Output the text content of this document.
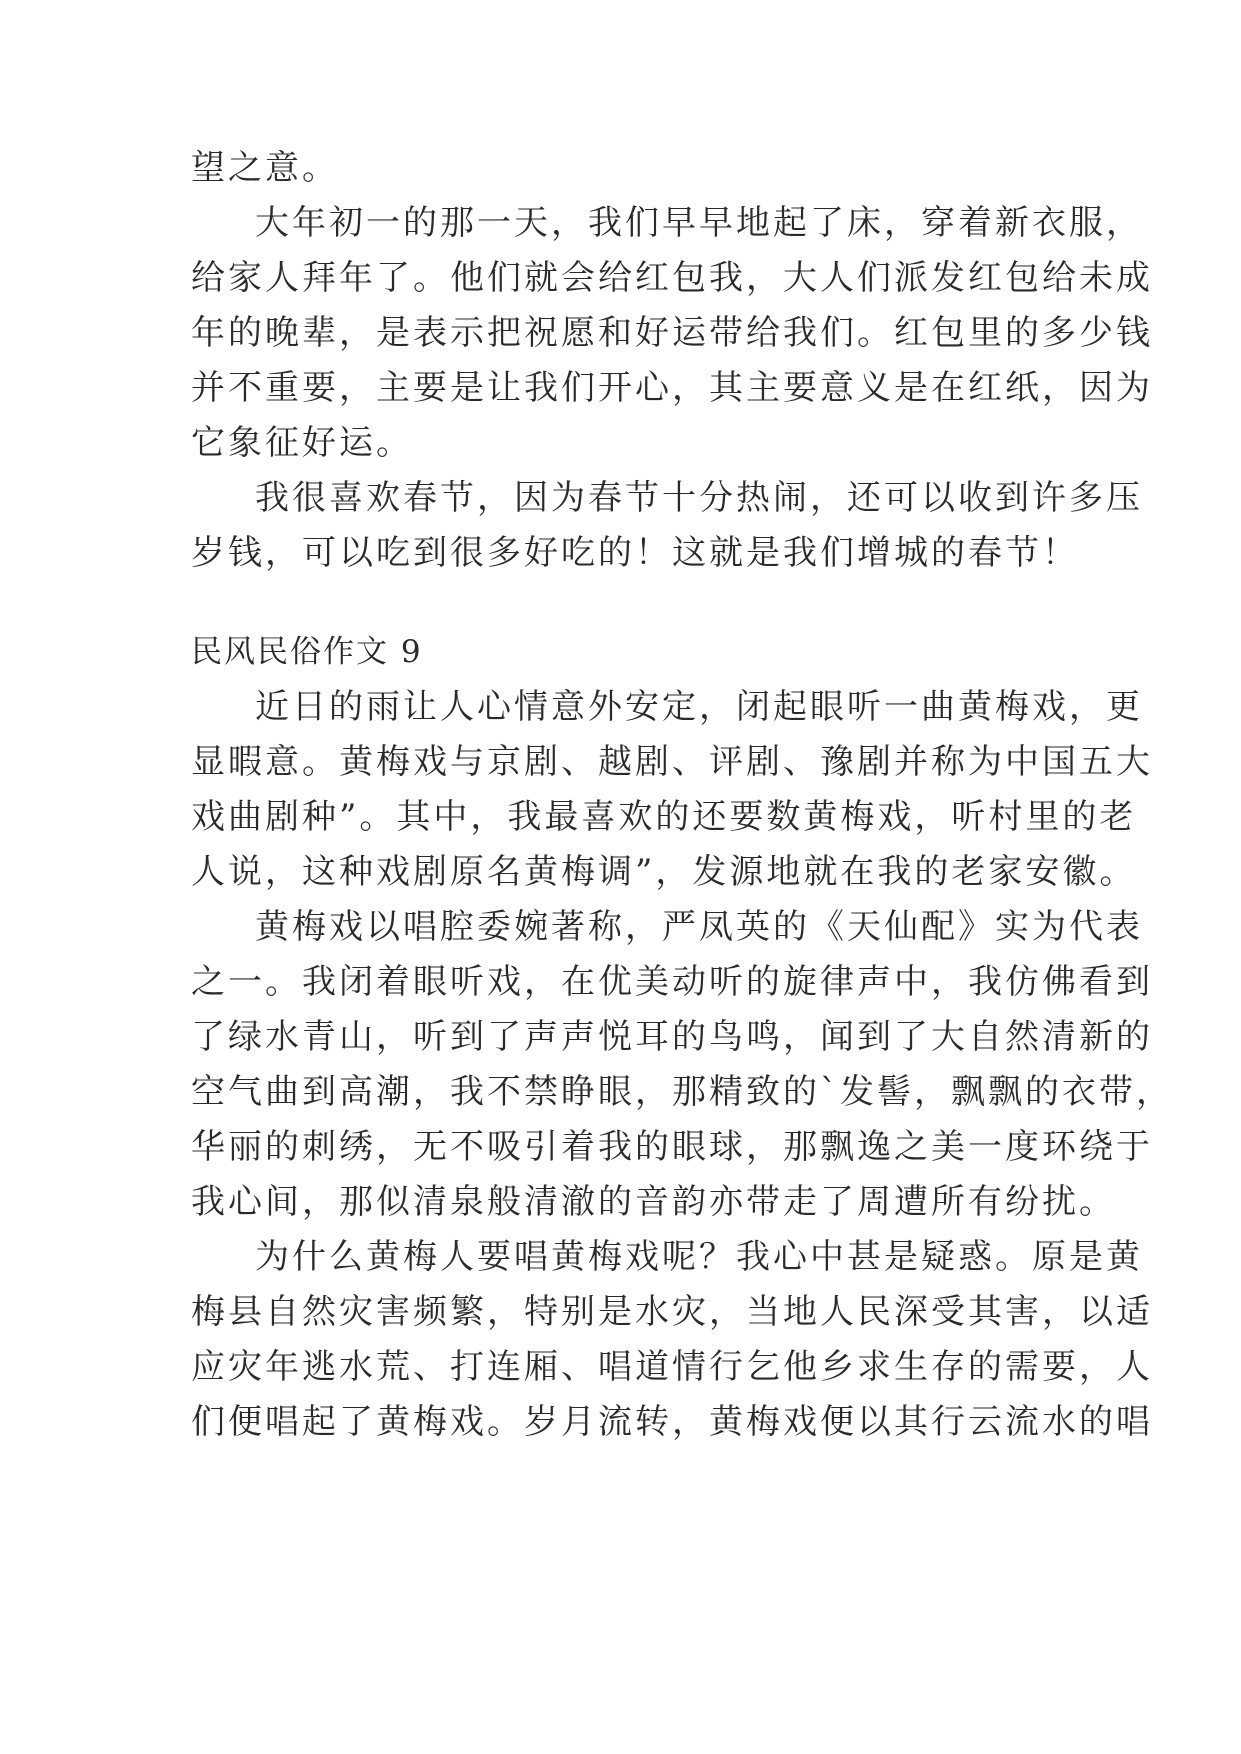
望之意。
大年初一的那一天，我们早早地起了床，穿着新衣服，
给家人拜年了。他们就会给红包我，大人们派发红包给未成
年的晚辈，是表示把祝愿和好运带给我们。红包里的多少钱
并不重要，主要是让我们开心，其主要意义是在红纸，因为
它象征好运。
我很喜欢春节，因为春节十分热闹，还可以收到许多压
岁钱，可以吃到很多好吃的！这就是我们增城的春节！
民风民俗作文 9
近日的雨让人心情意外安定，闭起眼听一曲黄梅戏，更
显暇意。黄梅戏与京剧、越剧、评剧、豫剧并称为中国五大
戏曲剧种”。其中，我最喜欢的还要数黄梅戏，听村里的老
人说，这种戏剧原名黄梅调”，发源地就在我的老家安徽。
黄梅戏以唱腔委婉著称，严凤英的《天仙配》实为代表
之一。我闭着眼听戏，在优美动听的旋律声中，我仿佛看到
了绿水青山，听到了声声悦耳的鸟鸣，闻到了大自然清新的
空气曲到高潮，我不禁睁眼，那精致的`发髻，飘飘的衣带，
华丽的刺绣，无不吸引着我的眼球，那飘逸之美一度环绕于
我心间，那似清泉般清澈的音韵亦带走了周遭所有纷扰。
为什么黄梅人要唱黄梅戏呢？我心中甚是疑惑。原是黄
梅县自然灾害频繁，特别是水灾，当地人民深受其害，以适
应灾年逃水荒、打连厢、唱道情行乞他乡求生存的需要，人
们便唱起了黄梅戏。岁月流转，黄梅戏便以其行云流水的唱
